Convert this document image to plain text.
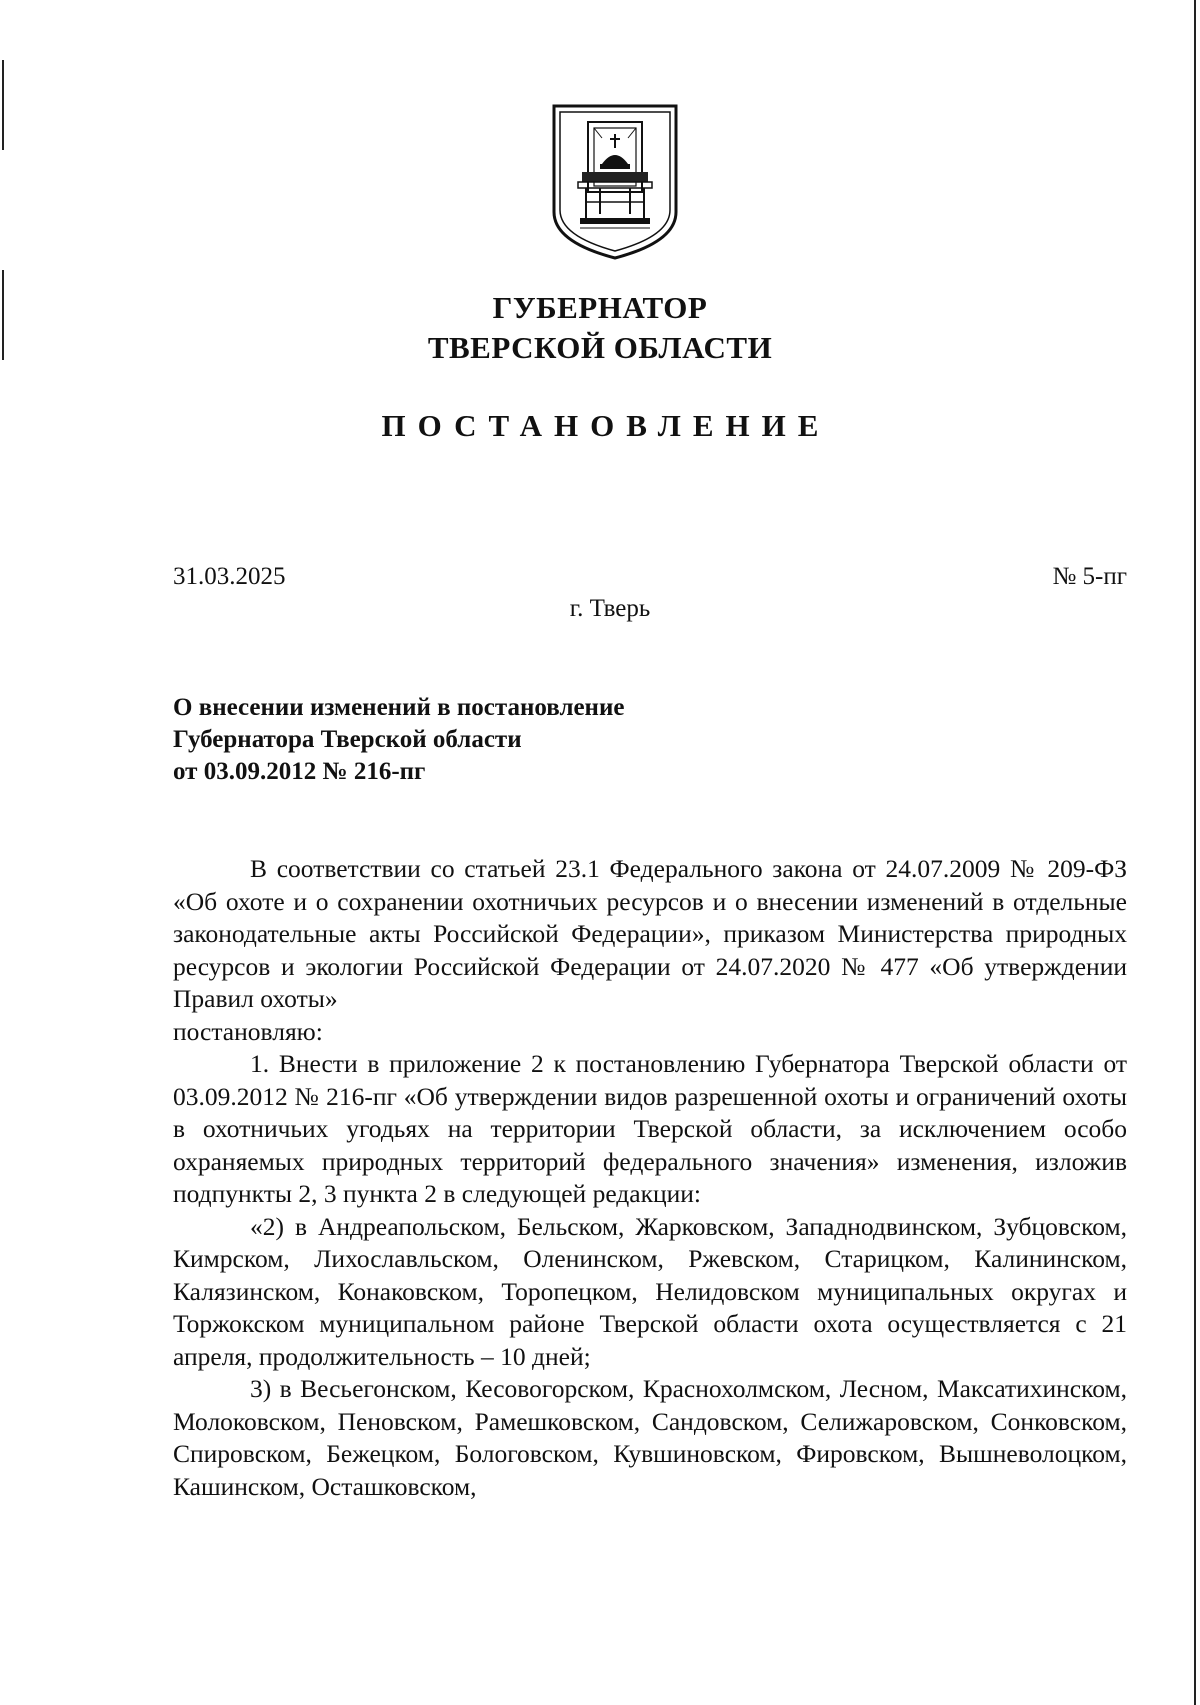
ГУБЕРНАТОР
ТВЕРСКОЙ ОБЛАСТИ
ПОСТАНОВЛЕНИЕ
31.03.2025	№ 5-пг
г. Тверь
О внесении изменений в постановление
Губернатора Тверской области
от 03.09.2012 № 216-пг

В соответствии со статьей 23.1 Федерального закона от 24.07.2009 № 209-ФЗ «Об охоте и о сохранении охотничьих ресурсов и о внесении изменений в отдельные законодательные акты Российской Федерации», приказом Министерства природных ресурсов и экологии Российской Федерации от 24.07.2020 № 477 «Об утверждении Правил охоты»

постановляю:

1. Внести в приложение 2 к постановлению Губернатора Тверской области от 03.09.2012 № 216-пг «Об утверждении видов разрешенной охоты и ограничений охоты в охотничьих угодьях на территории Тверской области, за исключением особо охраняемых природных территорий федерального значения» изменения, изложив подпункты 2, 3 пункта 2 в следующей редакции:

«2) в Андреапольском, Бельском, Жарковском, Западнодвинском, Зубцовском, Кимрском, Лихославльском, Оленинском, Ржевском, Старицком, Калининском, Калязинском, Конаковском, Торопецком, Нелидовском муниципальных округах и Торжокском муниципальном районе Тверской области охота осуществляется с 21 апреля, продолжительность – 10 дней;

3) в Весьегонском, Кесовогорском, Краснохолмском, Лесном, Максатихинском, Молоковском, Пеновском, Рамешковском, Сандовском, Селижаровском, Сонковском, Спировском, Бежецком, Бологовском, Кувшиновском, Фировском, Вышневолоцком, Кашинском, Осташковском,
